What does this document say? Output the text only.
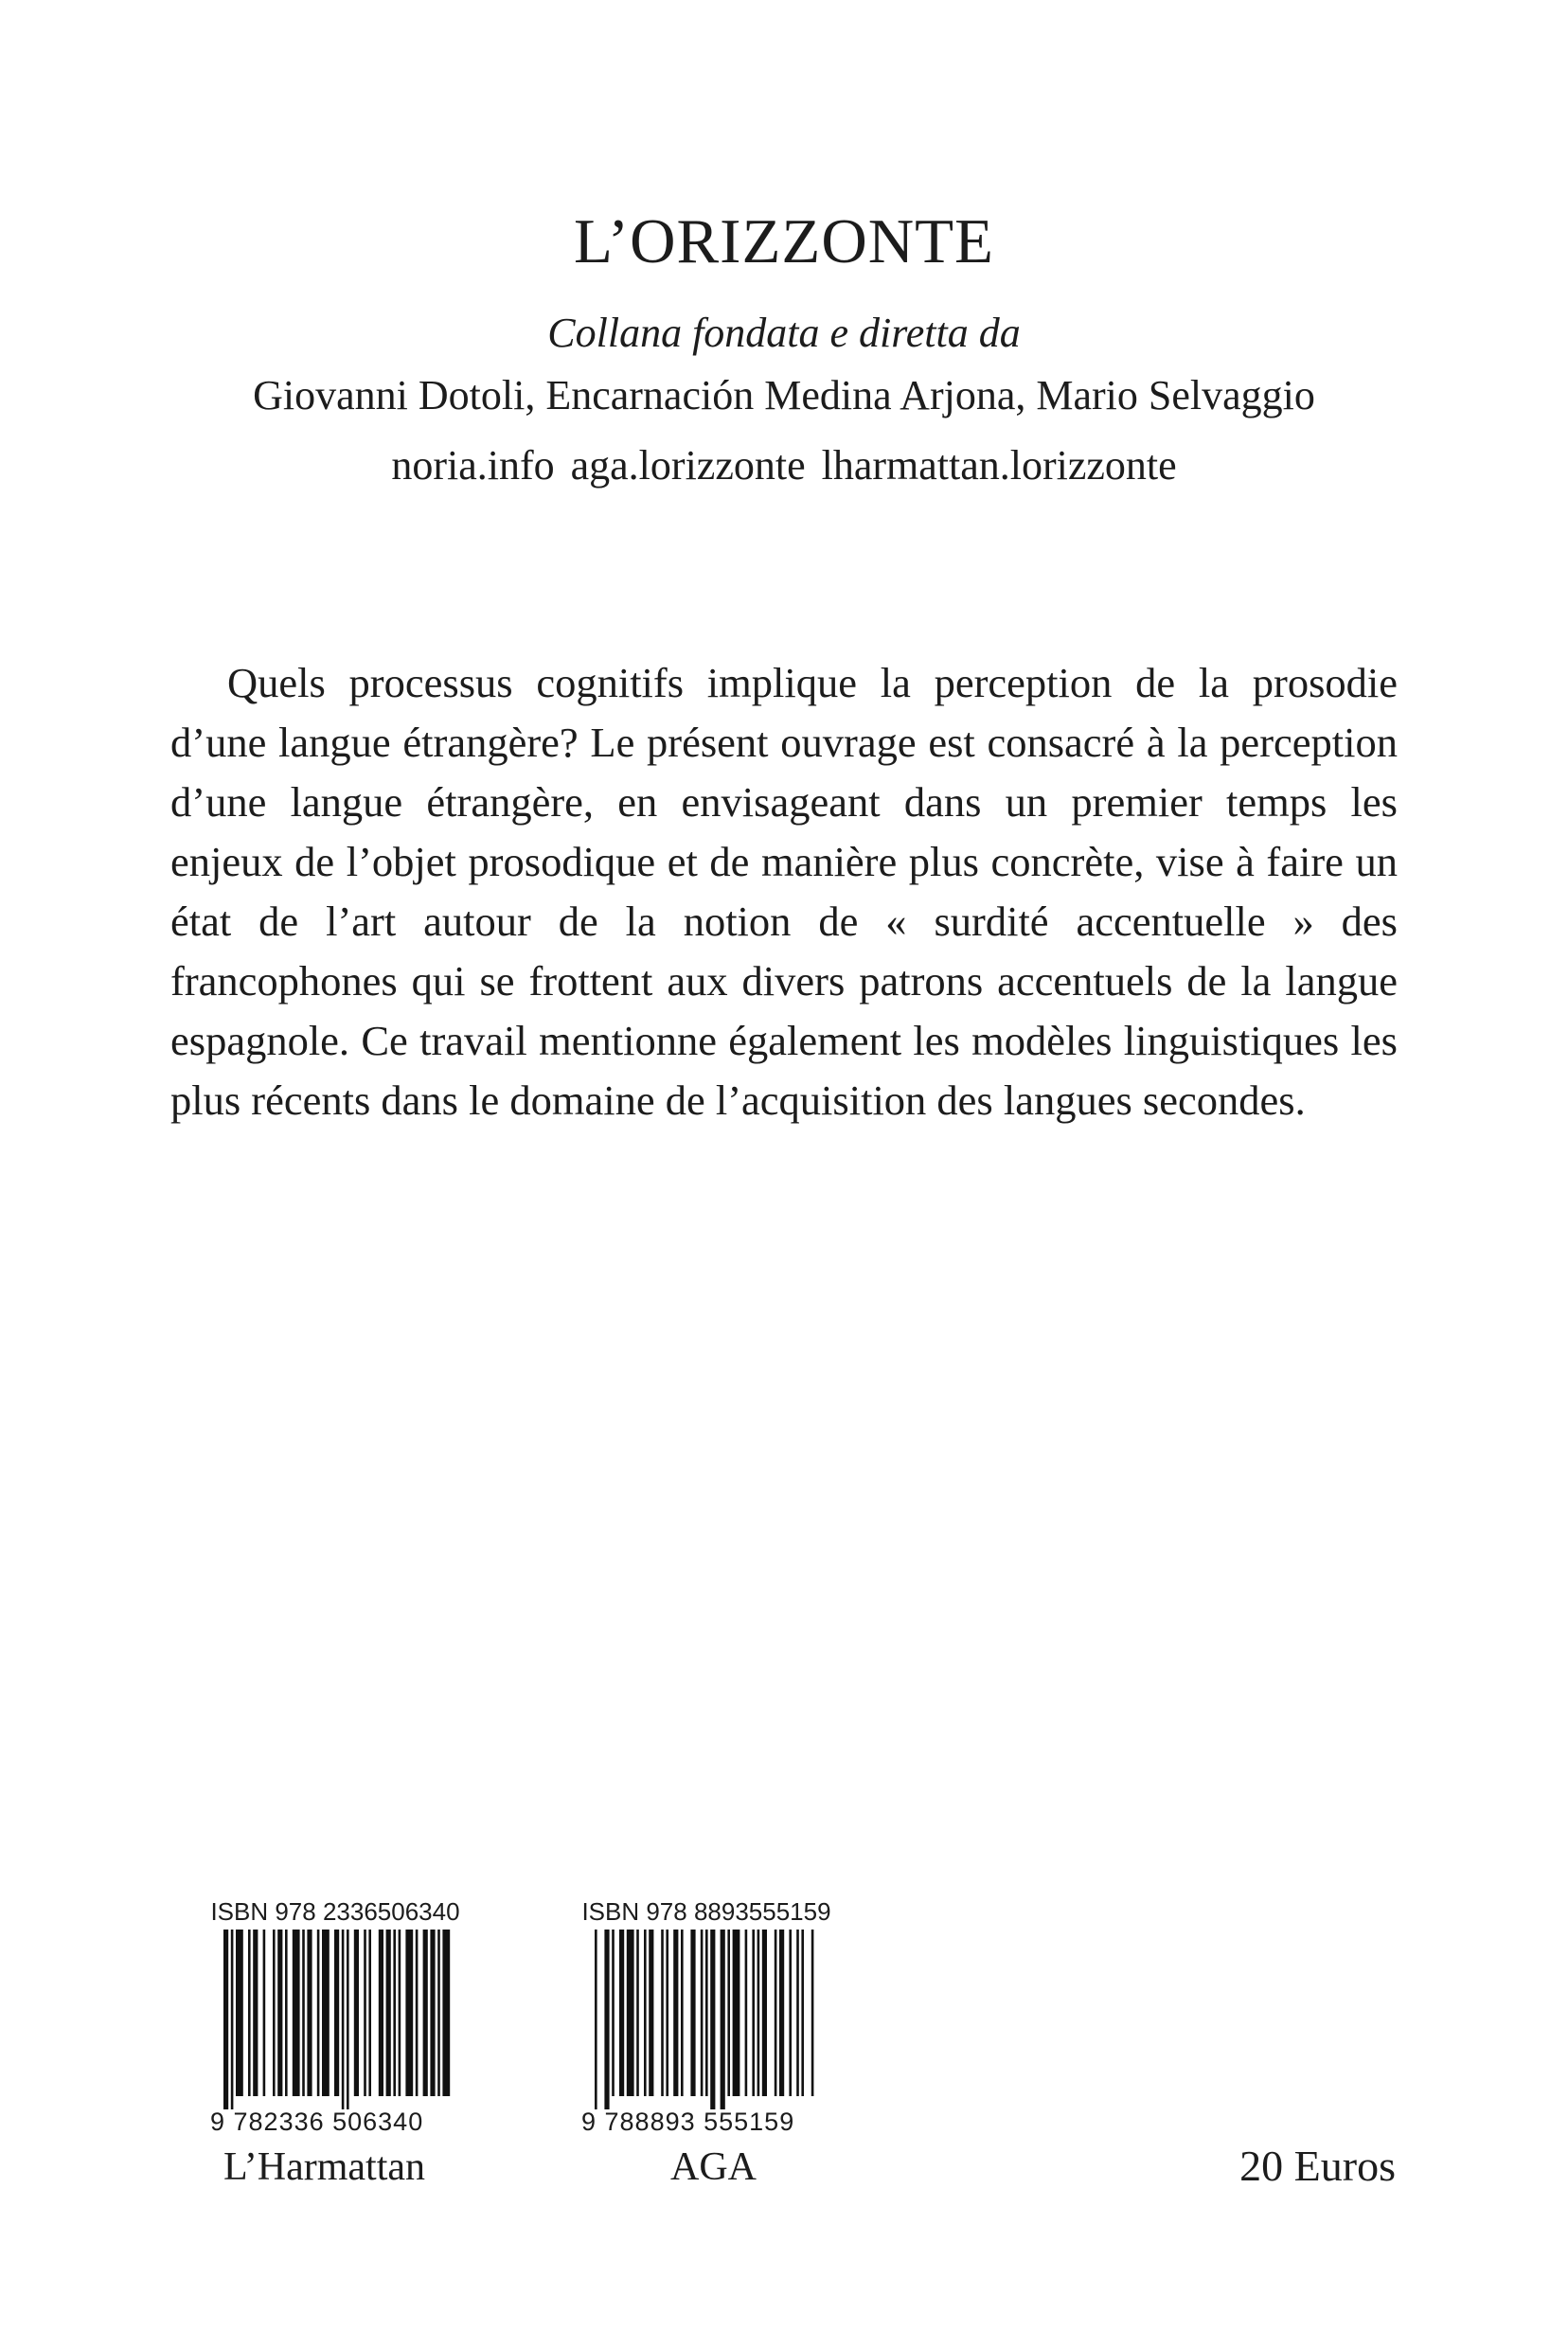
L’ORIZZONTE
Collana fondata e diretta da
Giovanni Dotoli, Encarnación Medina Arjona, Mario Selvaggio
noria.info aga.lorizzonte lharmattan.lorizzonte

Quels processus cognitifs implique la perception de la prosodie d’une langue étrangère? Le présent ouvrage est consacré à la perception d’une langue étrangère, en envisageant dans un premier temps les enjeux de l’objet prosodique et de manière plus concrète, vise à faire un état de l’art autour de la notion de « surdité accentuelle » des francophones qui se frottent aux divers patrons accentuels de la langue espagnole. Ce travail mentionne également les modèles linguistiques les plus récents dans le domaine de l’acquisition des langues secondes.

ISBN 978 2336506340
9 782336 506340
ISBN 978 8893555159
9 788893 555159
L’Harmattan	AGA	20 Euros
